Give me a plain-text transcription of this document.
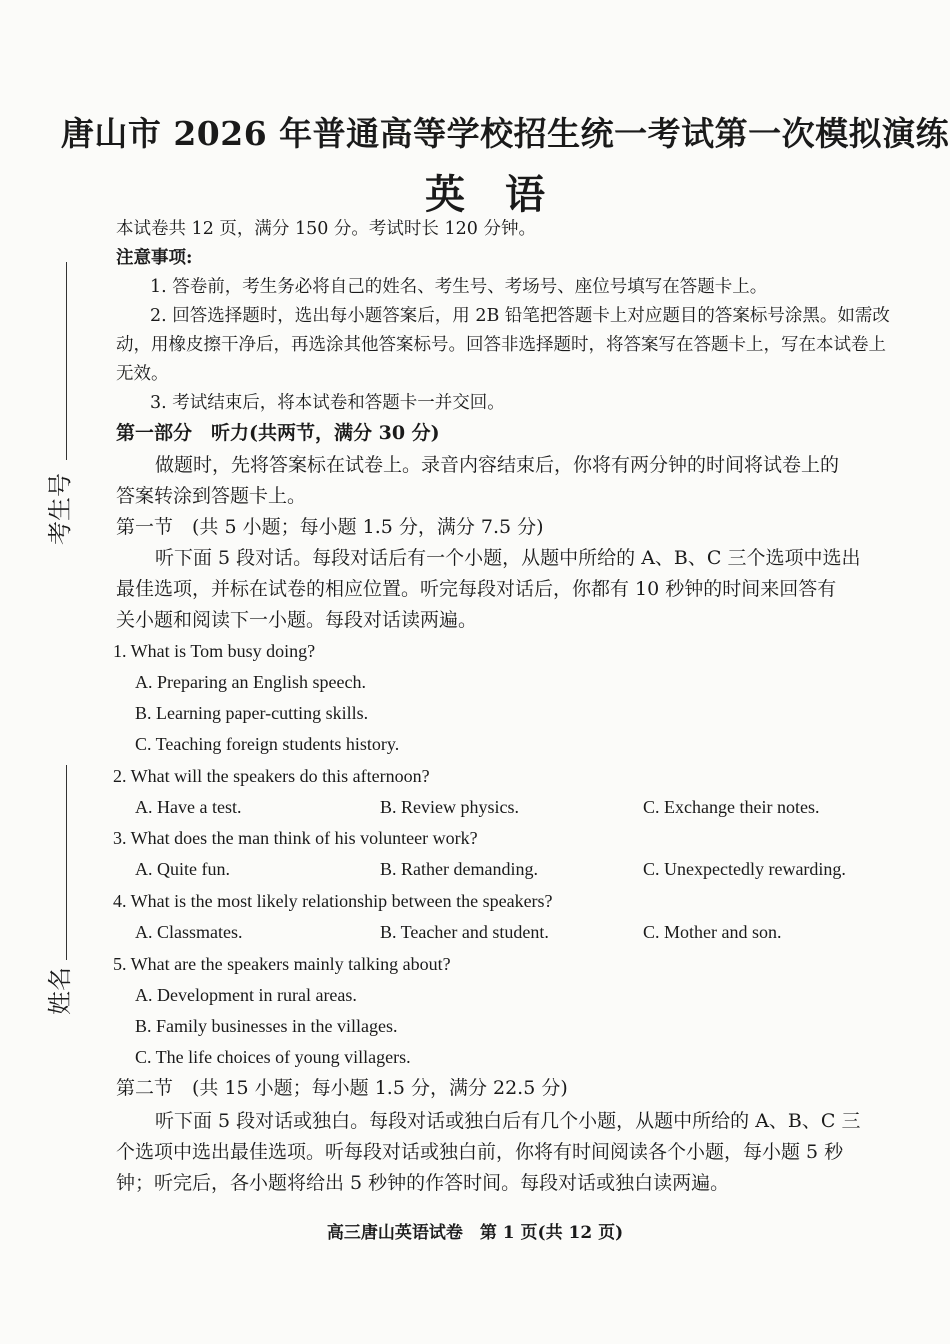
唐山市 2026 年普通高等学校招生统一考试第一次模拟演练
英语
本试卷共 12 页，满分 150 分。考试时长 120 分钟。
注意事项:
1. 答卷前，考生务必将自己的姓名、考生号、考场号、座位号填写在答题卡上。
2. 回答选择题时，选出每小题答案后，用 2B 铅笔把答题卡上对应题目的答案标号涂黑。如需改
动，用橡皮擦干净后，再选涂其他答案标号。回答非选择题时，将答案写在答题卡上，写在本试卷上
无效。
3. 考试结束后，将本试卷和答题卡一并交回。
第一部分　听力(共两节，满分 30 分)
做题时，先将答案标在试卷上。录音内容结束后，你将有两分钟的时间将试卷上的
答案转涂到答题卡上。
第一节　(共 5 小题；每小题 1.5 分，满分 7.5 分)
听下面 5 段对话。每段对话后有一个小题，从题中所给的 A、B、C 三个选项中选出
最佳选项，并标在试卷的相应位置。听完每段对话后，你都有 10 秒钟的时间来回答有
关小题和阅读下一小题。每段对话读两遍。
1. What is Tom busy doing?
A. Preparing an English speech.
B. Learning paper-cutting skills.
C. Teaching foreign students history.
2. What will the speakers do this afternoon?
A. Have a test.	B. Review physics.	C. Exchange their notes.
3. What does the man think of his volunteer work?
A. Quite fun.	B. Rather demanding.	C. Unexpectedly rewarding.
4. What is the most likely relationship between the speakers?
A. Classmates.	B. Teacher and student.	C. Mother and son.
5. What are the speakers mainly talking about?
A. Development in rural areas.
B. Family businesses in the villages.
C. The life choices of young villagers.
第二节　(共 15 小题；每小题 1.5 分，满分 22.5 分)
听下面 5 段对话或独白。每段对话或独白后有几个小题，从题中所给的 A、B、C 三
个选项中选出最佳选项。听每段对话或独白前，你将有时间阅读各个小题，每小题 5 秒
钟；听完后，各小题将给出 5 秒钟的作答时间。每段对话或独白读两遍。
考生号
姓名
高三唐山英语试卷　第 1 页(共 12 页)
